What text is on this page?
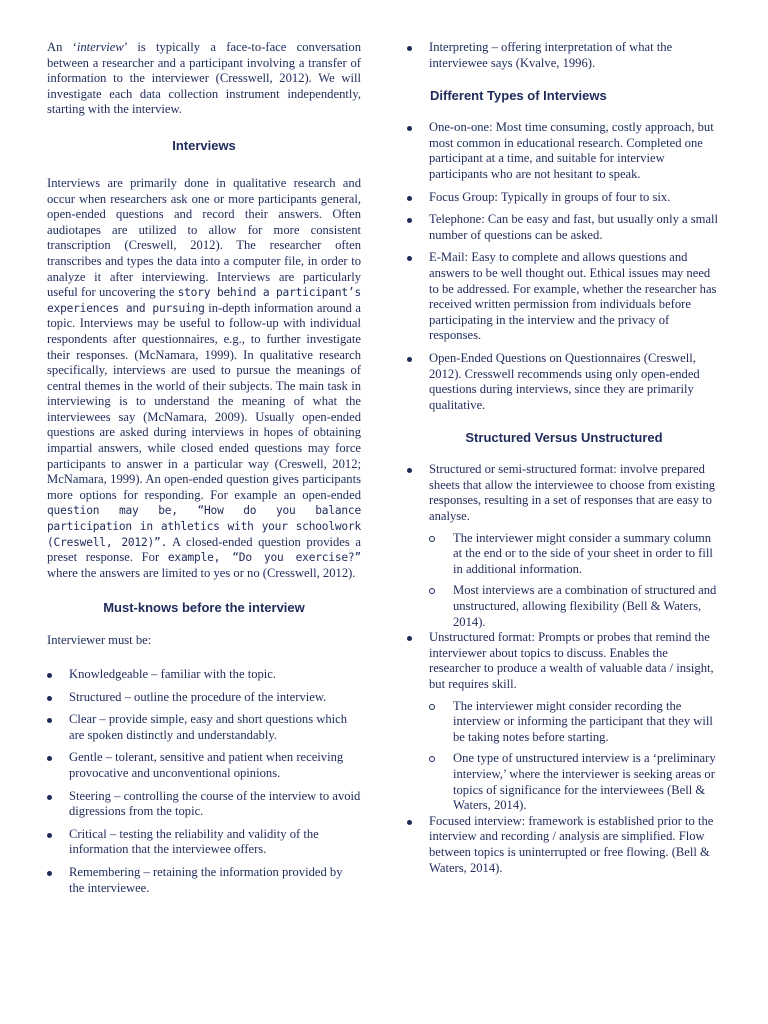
An ‘interview’ is typically a face-to-face conversation between a researcher and a participant involving a transfer of information to the interviewer (Cresswell, 2012). We will investigate each data collection instrument independently, starting with the interview.

Interviews

Interviews are primarily done in qualitative research and occur when researchers ask one or more participants general, open-ended questions and record their answers. Often audiotapes are utilized to allow for more consistent transcription (Creswell, 2012). The researcher often transcribes and types the data into a computer file, in order to analyze it after interviewing. Interviews are particularly useful for uncovering the story behind a participant’s experiences and pursuing in-depth information around a topic. Interviews may be useful to follow-up with individual respondents after questionnaires, e.g., to further investigate their responses. (McNamara, 1999). In qualitative research specifically, interviews are used to pursue the meanings of central themes in the world of their subjects. The main task in interviewing is to understand the meaning of what the interviewees say (McNamara, 2009). Usually open-ended questions are asked during interviews in hopes of obtaining impartial answers, while closed ended questions may force participants to answer in a particular way (Creswell, 2012; McNamara, 1999). An open-ended question gives participants more options for responding. For example an open-ended question may be, “How do you balance participation in athletics with your schoolwork (Creswell, 2012)”. A closed-ended question provides a preset response. For example, “Do you exercise?” where the answers are limited to yes or no (Cresswell, 2012).

Must-knows before the interview

Interviewer must be:

Knowledgeable – familiar with the topic.
Structured – outline the procedure of the interview.
Clear – provide simple, easy and short questions which are spoken distinctly and understandably.
Gentle – tolerant, sensitive and patient when receiving provocative and unconventional opinions.
Steering – controlling the course of the interview to avoid digressions from the topic.
Critical – testing the reliability and validity of the information that the interviewee offers.
Remembering – retaining the information provided by the interviewee.
Interpreting – offering interpretation of what the interviewee says (Kvalve, 1996).
Different Types of Interviews
One-on-one: Most time consuming, costly approach, but most common in educational research. Completed one participant at a time, and suitable for interview participants who are not hesitant to speak.
Focus Group: Typically in groups of four to six.
Telephone: Can be easy and fast, but usually only a small number of questions can be asked.
E-Mail: Easy to complete and allows questions and answers to be well thought out. Ethical issues may need to be addressed. For example, whether the researcher has received written permission from individuals before participating in the interview and the privacy of responses.
Open-Ended Questions on Questionnaires (Creswell, 2012). Cresswell recommends using only open-ended questions during interviews, since they are primarily qualitative.
Structured Versus Unstructured
Structured or semi-structured format: involve prepared sheets that allow the interviewee to choose from existing responses, resulting in a set of responses that are easy to analyse.
The interviewer might consider a summary column at the end or to the side of your sheet in order to fill in additional information.
Most interviews are a combination of structured and unstructured, allowing flexibility (Bell & Waters, 2014).
Unstructured format: Prompts or probes that remind the interviewer about topics to discuss. Enables the researcher to produce a wealth of valuable data / insight, but requires skill.
The interviewer might consider recording the interview or informing the participant that they will be taking notes before starting.
One type of unstructured interview is a ‘preliminary interview,’ where the interviewer is seeking areas or topics of significance for the interviewees (Bell & Waters, 2014).
Focused interview: framework is established prior to the interview and recording / analysis are simplified. Flow between topics is uninterrupted or free flowing. (Bell & Waters, 2014).
